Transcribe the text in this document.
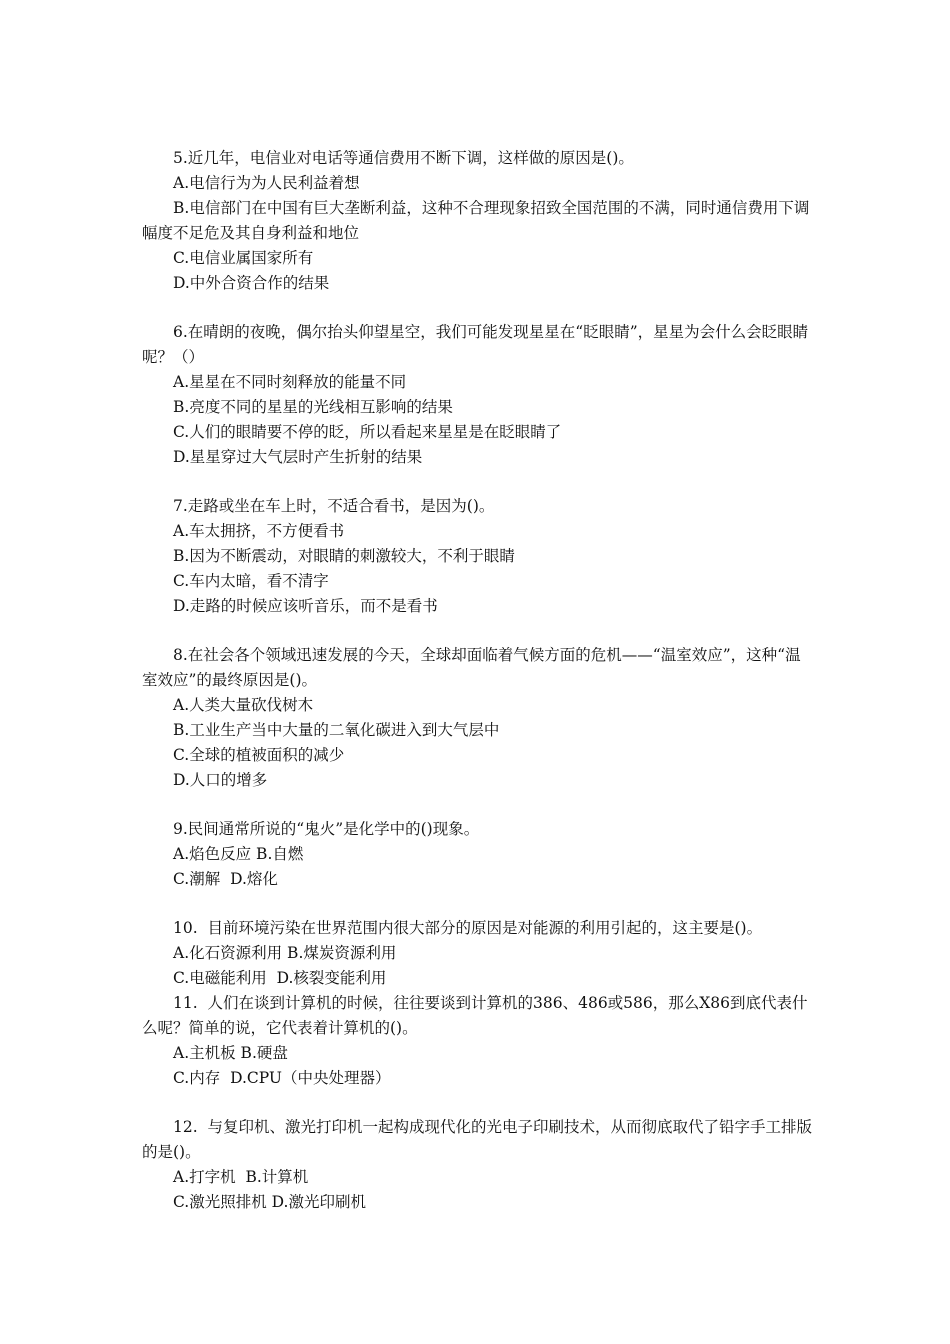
5.近几年，电信业对电话等通信费用不断下调，这样做的原因是()。

A.电信行为为人民利益着想

B.电信部门在中国有巨大垄断利益，这种不合理现象招致全国范围的不满，同时通信费用下调幅度不足危及其自身利益和地位

C.电信业属国家所有

D.中外合资合作的结果

6.在晴朗的夜晚，偶尔抬头仰望星空，我们可能发现星星在“眨眼睛”，星星为会什么会眨眼睛呢？（）

A.星星在不同时刻释放的能量不同

B.亮度不同的星星的光线相互影响的结果

C.人们的眼睛要不停的眨，所以看起来星星是在眨眼睛了

D.星星穿过大气层时产生折射的结果

7.走路或坐在车上时，不适合看书，是因为()。

A.车太拥挤，不方便看书

B.因为不断震动，对眼睛的刺激较大，不利于眼睛

C.车内太暗，看不清字

D.走路的时候应该听音乐，而不是看书

8.在社会各个领域迅速发展的今天，全球却面临着气候方面的危机——“温室效应”，这种“温室效应”的最终原因是()。

A.人类大量砍伐树木

B.工业生产当中大量的二氧化碳进入到大气层中

C.全球的植被面积的减少

D.人口的增多

9.民间通常所说的“鬼火”是化学中的()现象。

A.焰色反应 B.自燃

C.潮解  D.熔化

10.  目前环境污染在世界范围内很大部分的原因是对能源的利用引起的，这主要是()。

A.化石资源利用 B.煤炭资源利用

C.电磁能利用  D.核裂变能利用

11.  人们在谈到计算机的时候，往往要谈到计算机的386、486或586，那么X86到底代表什么呢？简单的说，它代表着计算机的()。

A.主机板 B.硬盘

C.内存  D.CPU（中央处理器）

12.  与复印机、激光打印机一起构成现代化的光电子印刷技术，从而彻底取代了铅字手工排版的是()。

A.打字机  B.计算机

C.激光照排机 D.激光印刷机
